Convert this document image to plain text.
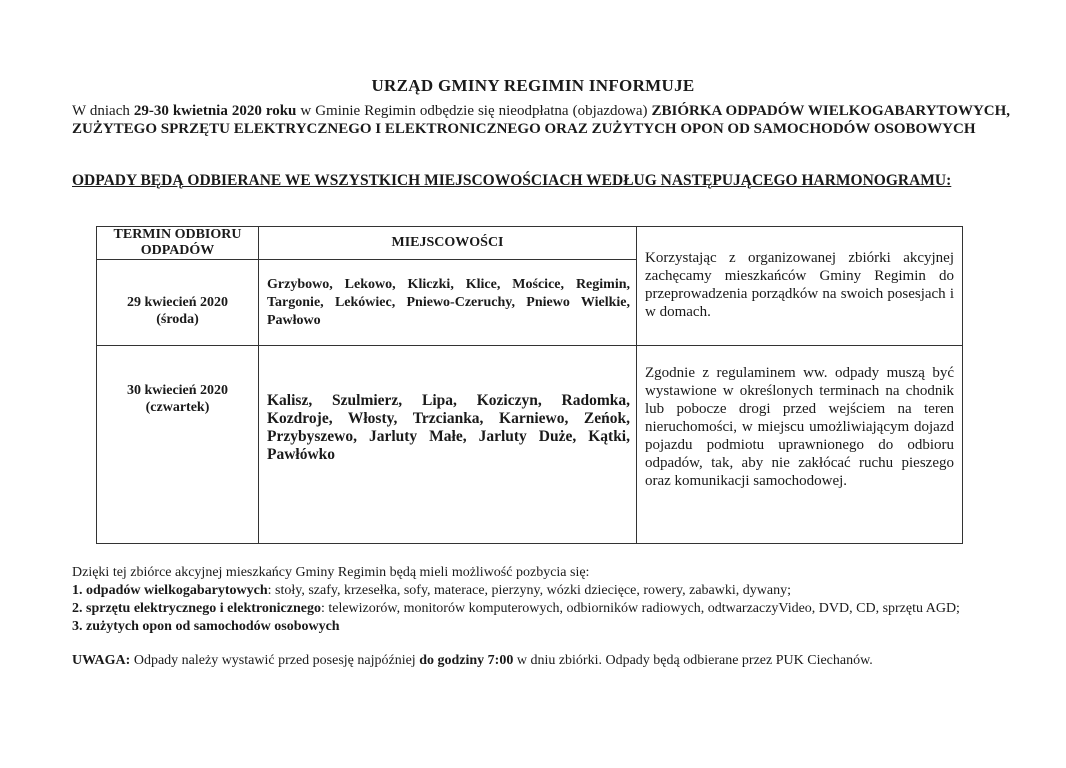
URZĄD GMINY REGIMIN INFORMUJE
W dniach 29-30 kwietnia 2020 roku w Gminie Regimin odbędzie się nieodpłatna (objazdowa) ZBIÓRKA ODPADÓW WIELKOGABARYTOWYCH, ZUŻYTEGO SPRZĘTU ELEKTRYCZNEGO I ELEKTRONICZNEGO ORAZ ZUŻYTYCH OPON OD SAMOCHODÓW OSOBOWYCH
ODPADY BĘDĄ ODBIERANE WE WSZYSTKICH MIEJSCOWOŚCIACH WEDŁUG NASTĘPUJĄCEGO HARMONOGRAMU:
TERMIN ODBIORU ODPADÓW	MIEJSCOWOŚCI	Korzystając z organizowanej zbiórki akcyjnej zachęcamy mieszkańców Gminy Regimin do przeprowadzenia porządków na swoich posesjach i w domach.

29 kwiecień 2020
(środa)	Grzybowo, Lekowo, Kliczki, Klice, Mościce, Regimin, Targonie, Lekówiec, Pniewo-Czeruchy, Pniewo Wielkie, Pawłowo	

30 kwiecień 2020
(czwartek)	Kalisz, Szulmierz, Lipa, Koziczyn, Radomka, Kozdroje, Włosty, Trzcianka, Karniewo, Zeńok, Przybyszewo, Jarluty Małe, Jarluty Duże, Kątki, Pawłówko	Zgodnie z regulaminem ww. odpady muszą być wystawione w określonych terminach na chodnik lub pobocze drogi przed wejściem na teren nieruchomości, w miejscu umożliwiającym dojazd pojazdu podmiotu uprawnionego do odbioru odpadów, tak, aby nie zakłócać ruchu pieszego oraz komunikacji samochodowej.
Dzięki tej zbiórce akcyjnej mieszkańcy Gminy Regimin będą mieli możliwość pozbycia się:
1. odpadów wielkogabarytowych: stoły, szafy, krzesełka, sofy, materace, pierzyny, wózki dziecięce, rowery, zabawki, dywany;
2. sprzętu elektrycznego i elektronicznego: telewizorów, monitorów komputerowych, odbiorników radiowych, odtwarzaczyVideo, DVD, CD, sprzętu AGD;
3. zużytych opon od samochodów osobowych
UWAGA: Odpady należy wystawić przed posesję najpóźniej do godziny 7:00 w dniu zbiórki. Odpady będą odbierane przez PUK Ciechanów.
